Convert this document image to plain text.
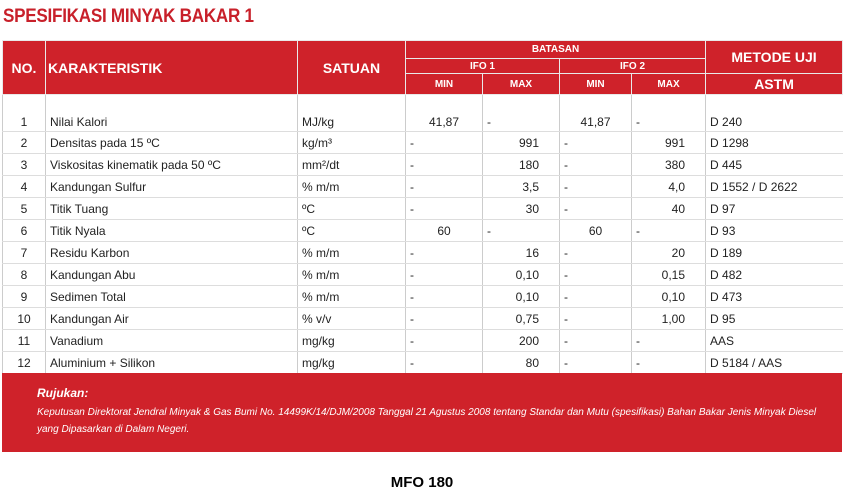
SPESIFIKASI MINYAK BAKAR 1
NO.	KARAKTERISTIK	SATUAN	BATASAN				METODE UJI
			IFO 1		IFO 2		
			MIN	MAX	MIN	MAX	ASTM
1	Nilai Kalori	MJ/kg	41,87	-	41,87	-	D 240
2	Densitas pada 15 ºC	kg/m³	-	991	-	991	D 1298
3	Viskositas kinematik pada 50 ºC	mm²/dt	-	180	-	380	D 445
4	Kandungan Sulfur	% m/m	-	3,5	-	4,0	D 1552 / D 2622
5	Titik Tuang	ºC	-	30	-	40	D 97
6	Titik Nyala	ºC	60	-	60	-	D 93
7	Residu Karbon	% m/m	-	16	-	20	D 189
8	Kandungan Abu	% m/m	-	0,10	-	0,15	D 482
9	Sedimen Total	% m/m	-	0,10	-	0,10	D 473
10	Kandungan Air	% v/v	-	0,75	-	1,00	D 95
11	Vanadium	mg/kg	-	200	-	-	AAS
12	Aluminium + Silikon	mg/kg	-	80	-	-	D 5184 / AAS
Rujukan:
Keputusan Direktorat Jendral Minyak & Gas Bumi No. 14499K/14/DJM/2008 Tanggal 21 Agustus 2008 tentang Standar dan Mutu (spesifikasi) Bahan Bakar Jenis Minyak Diesel yang Dipasarkan di Dalam Negeri.
MFO 180
